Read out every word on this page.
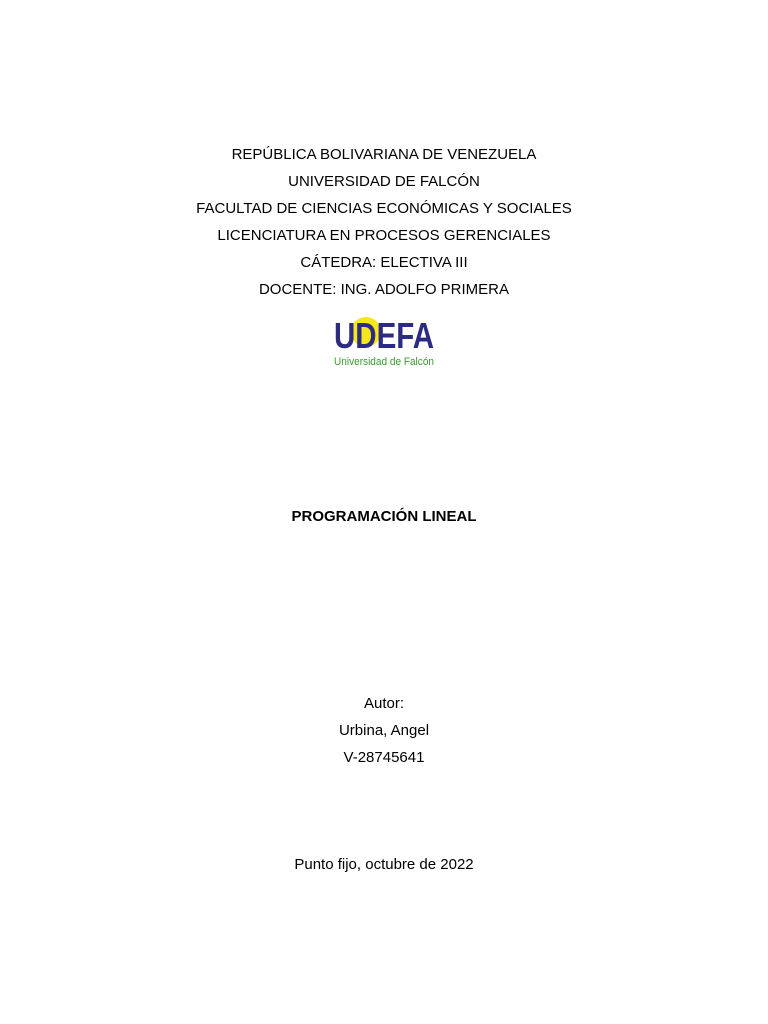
REPÚBLICA BOLIVARIANA DE VENEZUELA
UNIVERSIDAD DE FALCÓN
FACULTAD DE CIENCIAS ECONÓMICAS Y SOCIALES
LICENCIATURA EN PROCESOS GERENCIALES
CÁTEDRA: ELECTIVA III
DOCENTE: ING. ADOLFO PRIMERA
UDEFA
Universidad de Falcón
PROGRAMACIÓN LINEAL
Autor:
Urbina, Angel
V-28745641
Punto fijo, octubre de 2022
